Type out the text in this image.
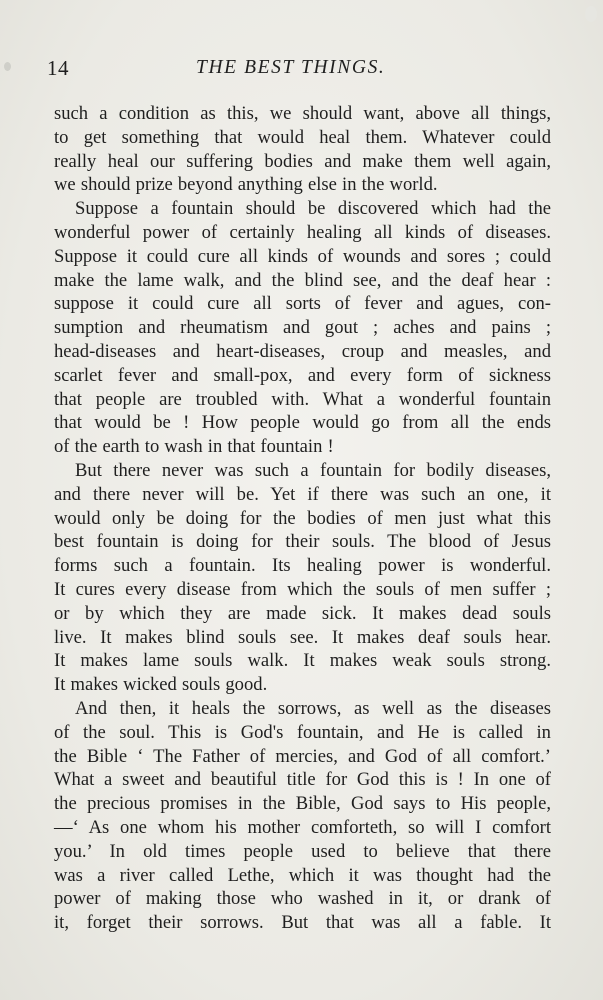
14	THE BEST THINGS.
such a condition as this, we should want, above all things,
to get something that would heal them. Whatever could
really heal our suffering bodies and make them well again,
we should prize beyond anything else in the world.
Suppose a fountain should be discovered which had the
wonderful power of certainly healing all kinds of diseases.
Suppose it could cure all kinds of wounds and sores ; could
make the lame walk, and the blind see, and the deaf hear :
suppose it could cure all sorts of fever and agues, con-
sumption and rheumatism and gout ; aches and pains ;
head-diseases and heart-diseases, croup and measles, and
scarlet fever and small-pox, and every form of sickness
that people are troubled with. What a wonderful fountain
that would be ! How people would go from all the ends
of the earth to wash in that fountain !
But there never was such a fountain for bodily diseases,
and there never will be. Yet if there was such an one, it
would only be doing for the bodies of men just what this
best fountain is doing for their souls. The blood of Jesus
forms such a fountain. Its healing power is wonderful.
It cures every disease from which the souls of men suffer ;
or by which they are made sick. It makes dead souls
live. It makes blind souls see. It makes deaf souls hear.
It makes lame souls walk. It makes weak souls strong.
It makes wicked souls good.
And then, it heals the sorrows, as well as the diseases
of the soul. This is God's fountain, and He is called in
the Bible ‘ The Father of mercies, and God of all comfort.’
What a sweet and beautiful title for God this is ! In one of
the precious promises in the Bible, God says to His people,
—‘ As one whom his mother comforteth, so will I comfort
you.’ In old times people used to believe that there
was a river called Lethe, which it was thought had the
power of making those who washed in it, or drank of
it, forget their sorrows. But that was all a fable. It
